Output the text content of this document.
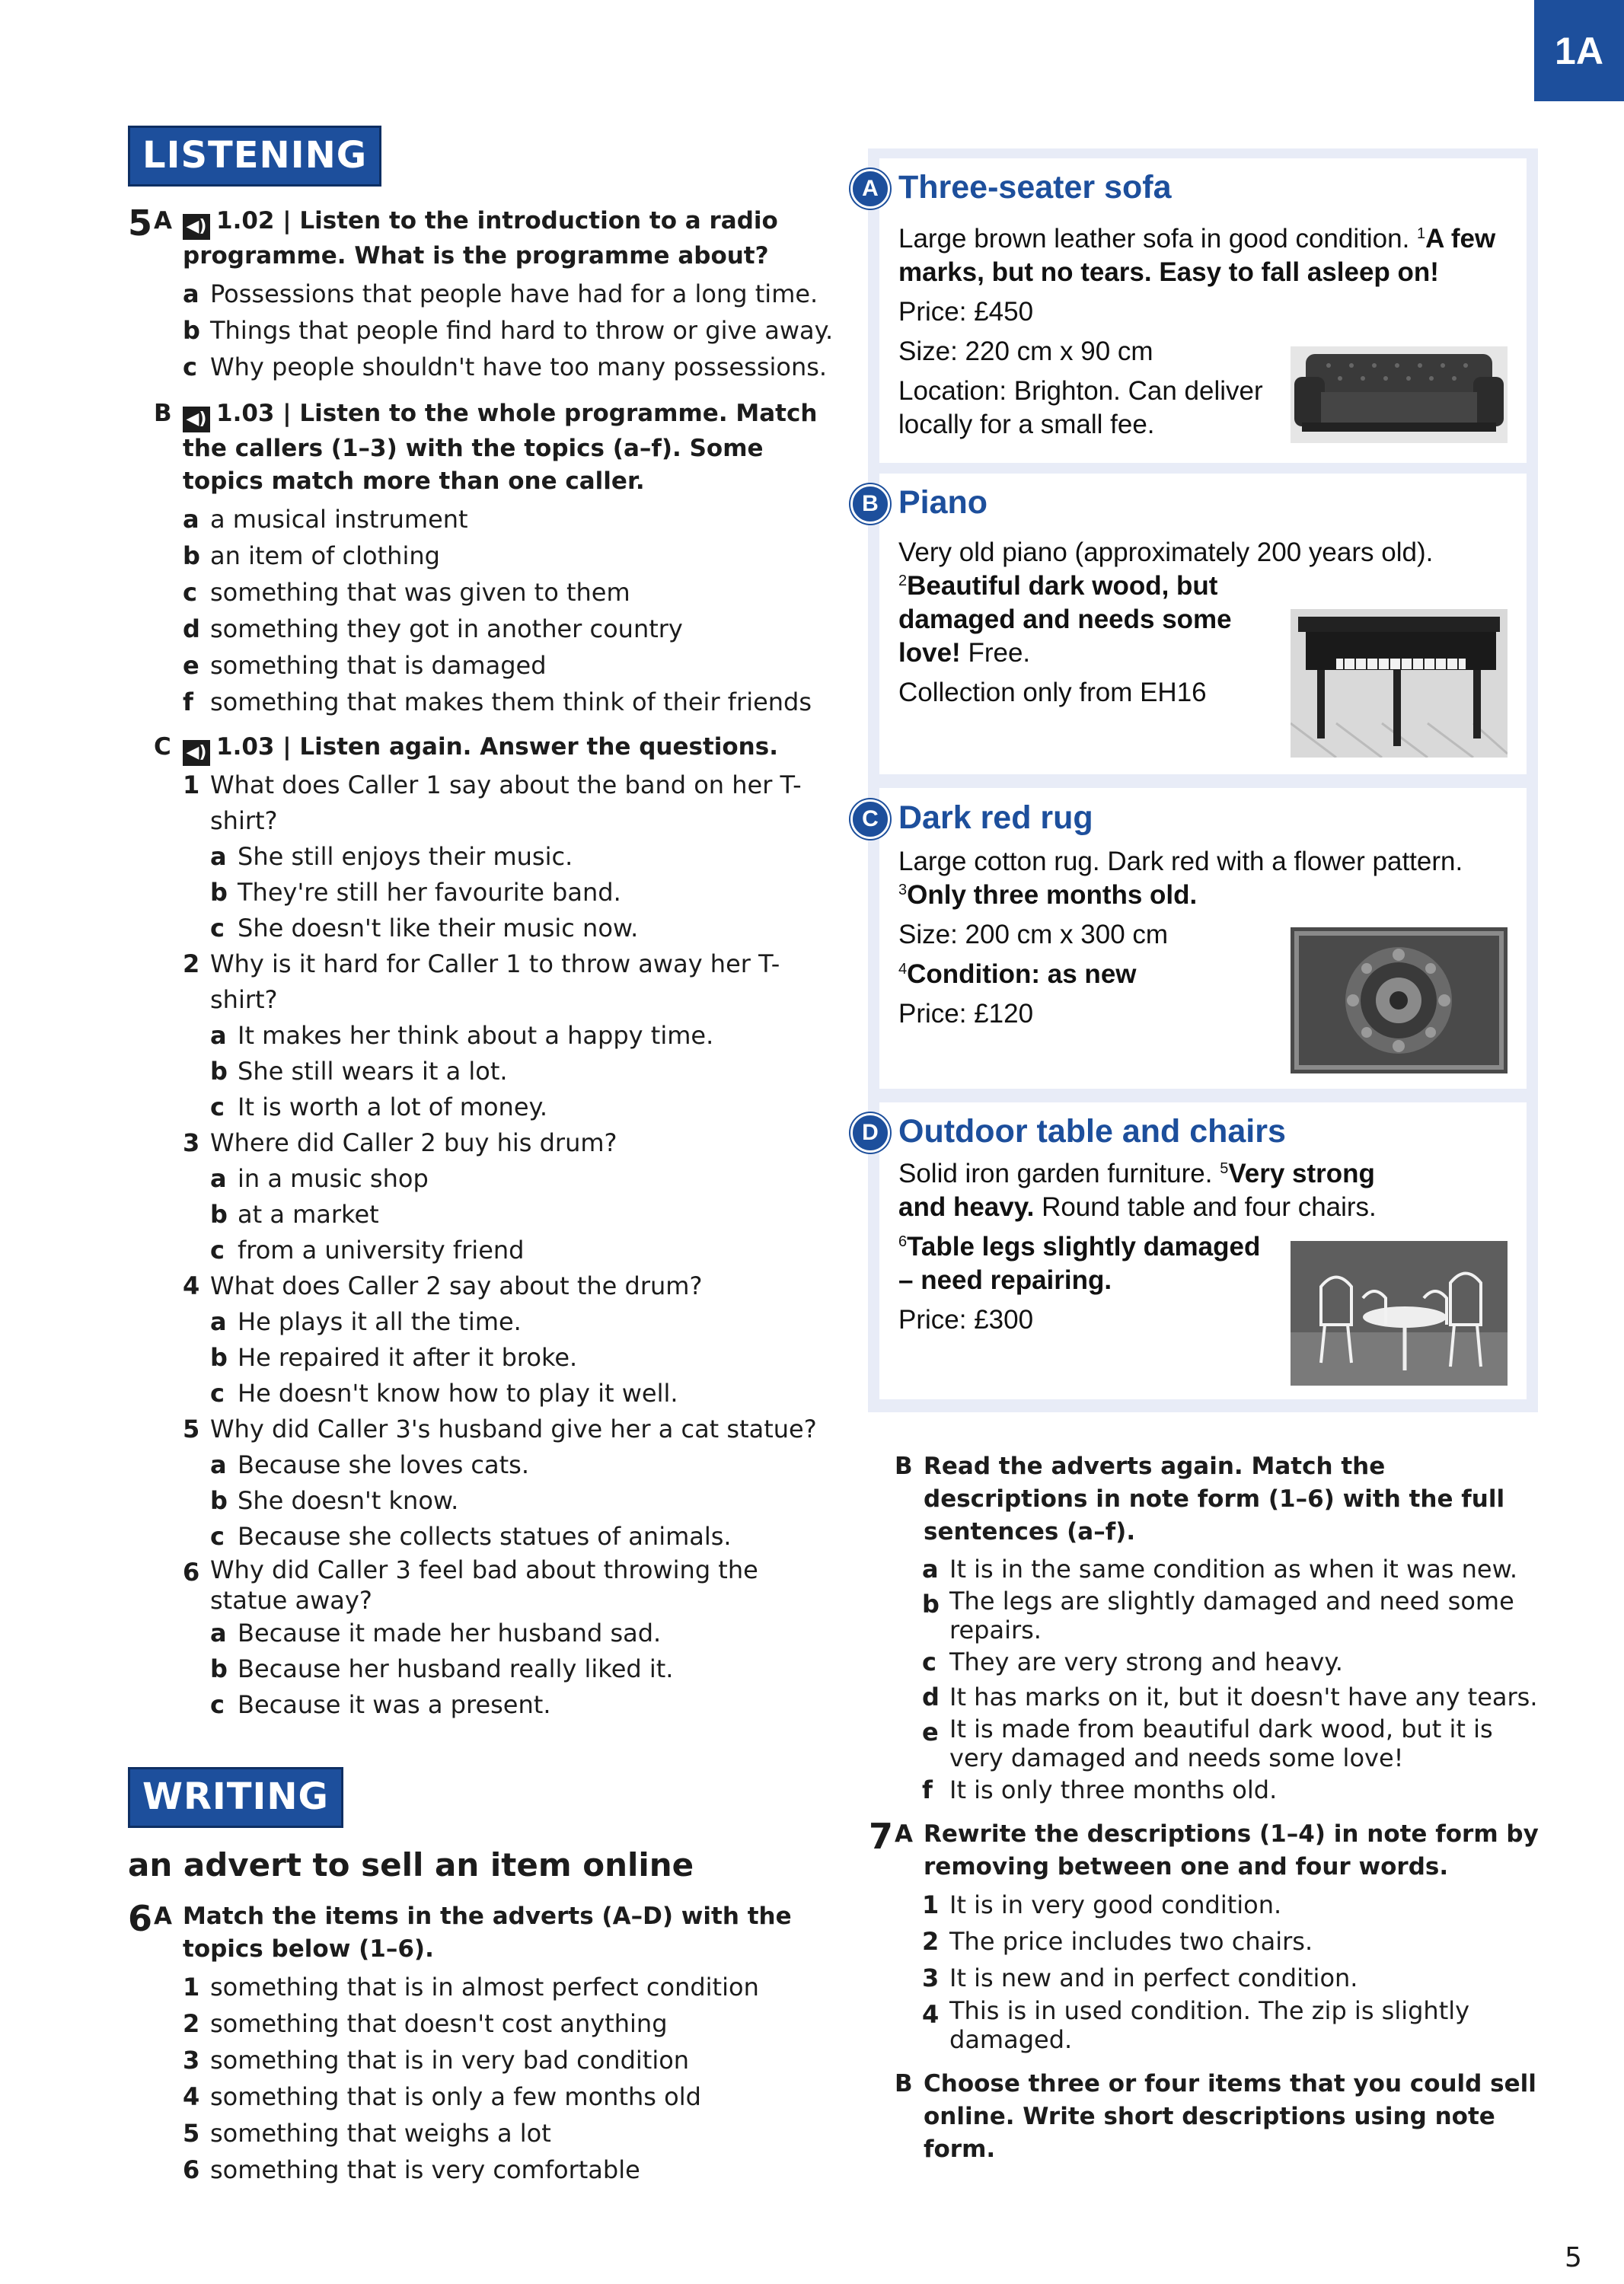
1A
LISTENING
5 A ◀) 1.02 | Listen to the introduction to a radio programme. What is the programme about?
a Possessions that people have had for a long time.
b Things that people find hard to throw or give away.
c Why people shouldn't have too many possessions.
B ◀) 1.03 | Listen to the whole programme. Match the callers (1–3) with the topics (a–f). Some topics match more than one caller.
a a musical instrument
b an item of clothing
c something that was given to them
d something they got in another country
e something that is damaged
f something that makes them think of their friends
C ◀) 1.03 | Listen again. Answer the questions.
1 What does Caller 1 say about the band on her T-shirt?
a She still enjoys their music.
b They're still her favourite band.
c She doesn't like their music now.
2 Why is it hard for Caller 1 to throw away her T-shirt?
a It makes her think about a happy time.
b She still wears it a lot.
c It is worth a lot of money.
3 Where did Caller 2 buy his drum?
a in a music shop
b at a market
c from a university friend
4 What does Caller 2 say about the drum?
a He plays it all the time.
b He repaired it after it broke.
c He doesn't know how to play it well.
5 Why did Caller 3's husband give her a cat statue?
a Because she loves cats.
b She doesn't know.
c Because she collects statues of animals.
6 Why did Caller 3 feel bad about throwing the statue away?
a Because it made her husband sad.
b Because her husband really liked it.
c Because it was a present.
WRITING
an advert to sell an item online
6 A Match the items in the adverts (A–D) with the topics below (1–6).
1 something that is in almost perfect condition
2 something that doesn't cost anything
3 something that is in very bad condition
4 something that is only a few months old
5 something that weighs a lot
6 something that is very comfortable
A Three-seater sofa

Large brown leather sofa in good condition. $^1$A few marks, but no tears. Easy to fall asleep on!

Price: £450

Size: 220 cm x 90 cm

Location: Brighton. Can deliver locally for a small fee.

B Piano

Very old piano (approximately 200 years old).

$^2$Beautiful dark wood, but damaged and needs some love! Free.

Collection only from EH16

C Dark red rug

Large cotton rug. Dark red with a flower pattern.

$^3$Only three months old.

Size: 200 cm x 300 cm

$^4$Condition: as new

Price: £120

D Outdoor table and chairs

Solid iron garden furniture. $^5$Very strong and heavy. Round table and four chairs.

$^6$Table legs slightly damaged – need repairing.

Price: £300

B Read the adverts again. Match the descriptions in note form (1–6) with the full sentences (a–f).
a It is in the same condition as when it was new.
b The legs are slightly damaged and need some repairs.
c They are very strong and heavy.
d It has marks on it, but it doesn't have any tears.
e It is made from beautiful dark wood, but it is very damaged and needs some love!
f It is only three months old.
7 A Rewrite the descriptions (1–4) in note form by removing between one and four words.
1 It is in very good condition.
2 The price includes two chairs.
3 It is new and in perfect condition.
4 This is in used condition. The zip is slightly damaged.
B Choose three or four items that you could sell online. Write short descriptions using note form.
5
